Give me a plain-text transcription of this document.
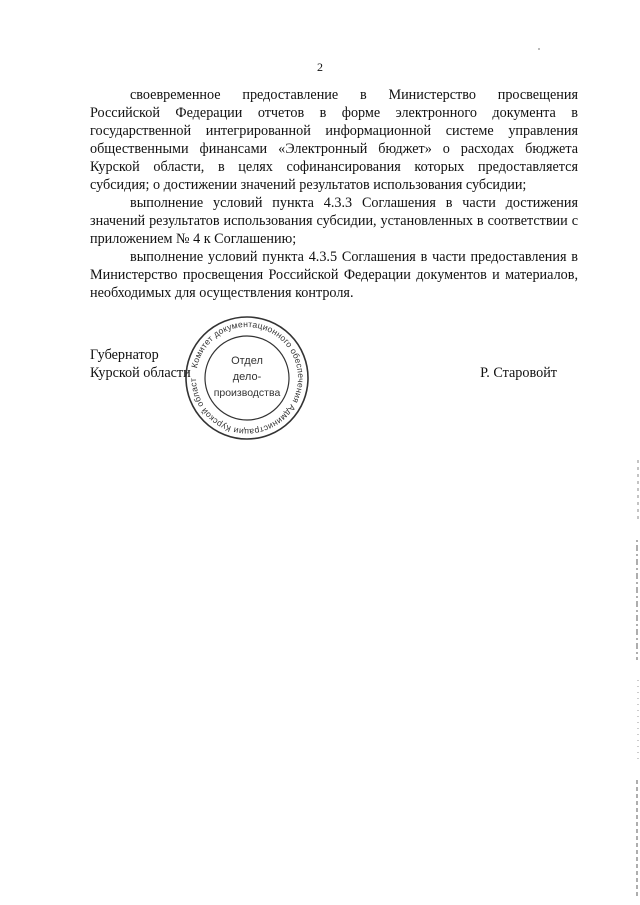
2

своевременное предоставление в Министерство просвещения Российской Федерации отчетов в форме электронного документа в государственной интегрированной информационной системе управления общественными финансами «Электронный бюджет» о расходах бюджета Курской области, в целях софинансирования которых предоставляется субсидия; о достижении значений результатов использования субсидии;

выполнение условий пункта 4.3.3 Соглашения в части достижения значений результатов использования субсидии, установленных в соответствии с приложением № 4 к Соглашению;

выполнение условий пункта 4.3.5 Соглашения в части предоставления в Министерство просвещения Российской Федерации документов и материалов, необходимых для осуществления контроля.

Губернатор
Курской области
Комитет документационного обеспечения Администрации Курской области
Отдел
дело-
производства
Р. Старовойт
